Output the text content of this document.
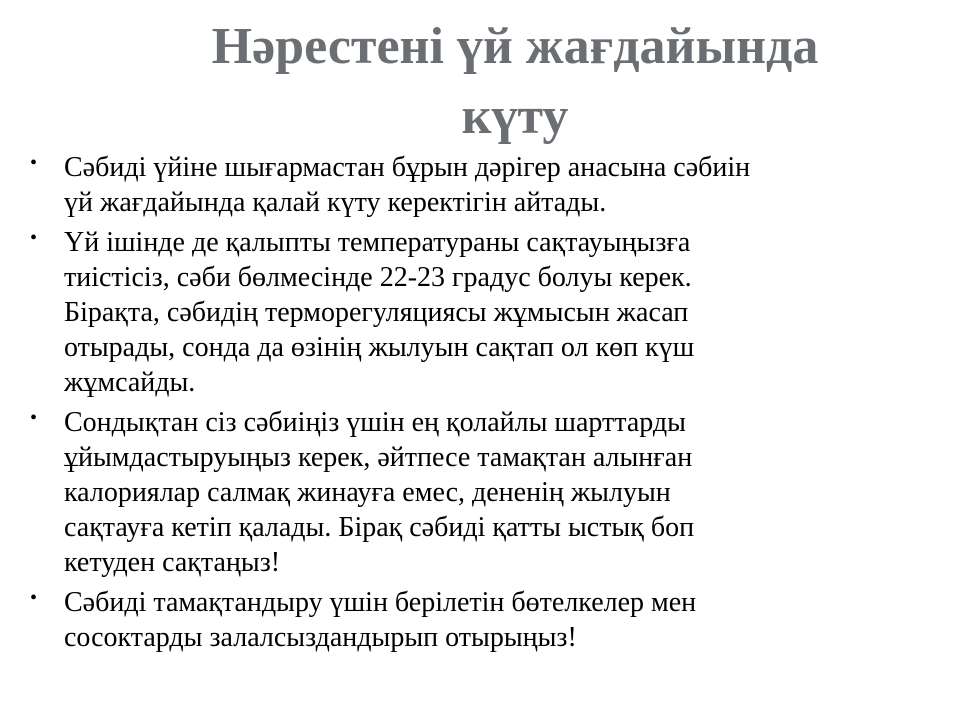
Нәрестені үй жағдайында
күту
• Сәбиді үйіне шығармастан бұрын дәрігер анасына сәбиін
үй жағдайында қалай күту керектігін айтады.
• Үй ішінде де қалыпты температураны сақтауыңызға
тиістісіз, сәби бөлмесінде 22-23 градус болуы керек.
Бірақта, сәбидің терморегуляциясы жұмысын жасап
отырады, сонда да өзінің жылуын сақтап ол көп күш
жұмсайды.
• Сондықтан сіз сәбиіңіз үшін ең қолайлы шарттарды
ұйымдастыруыңыз керек, әйтпесе тамақтан алынған
калориялар салмақ жинауға емес, дененің жылуын
сақтауға кетіп қалады. Бірақ сәбиді қатты ыстық боп
кетуден сақтаңыз!
• Сәбиді тамақтандыру үшін берілетін бөтелкелер мен
сосоктарды залалсыздандырып отырыңыз!
